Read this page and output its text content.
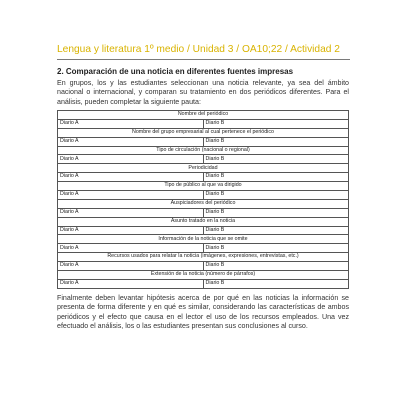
Lengua y literatura 1º medio / Unidad 3 / OA10;22 / Actividad 2
2. Comparación de una noticia en diferentes fuentes impresas

En grupos, los y las estudiantes seleccionan una noticia relevante, ya sea del ámbito nacional o internacional, y comparan su tratamiento en dos periódicos diferentes. Para el análisis, pueden completar la siguiente pauta:

Nombre del periódico	
Diario A	Diario B
Nombre del grupo empresarial al cual pertenece el periódico	
Diario A	Diario B
Tipo de circulación (nacional o regional)	
Diario A	Diario B
Periodicidad	
Diario A	Diario B
Tipo de público al que va dirigido	
Diario A	Diario B
Auspiciadores del periódico	
Diario A	Diario B
Asunto tratado en la noticia	
Diario A	Diario B
Información de la noticia que se omite	
Diario A	Diario B
Recursos usados para relatar la noticia (imágenes, expresiones, entrevistas, etc.)	
Diario A	Diario B
Extensión de la noticia (número de párrafos)	
Diario A	Diario B

Finalmente deben levantar hipótesis acerca de por qué en las noticias la información se presenta de forma diferente y en qué es similar, considerando las características de ambos periódicos y el efecto que causa en el lector el uso de los recursos empleados. Una vez efectuado el análisis, los o las estudiantes presentan sus conclusiones al curso.
